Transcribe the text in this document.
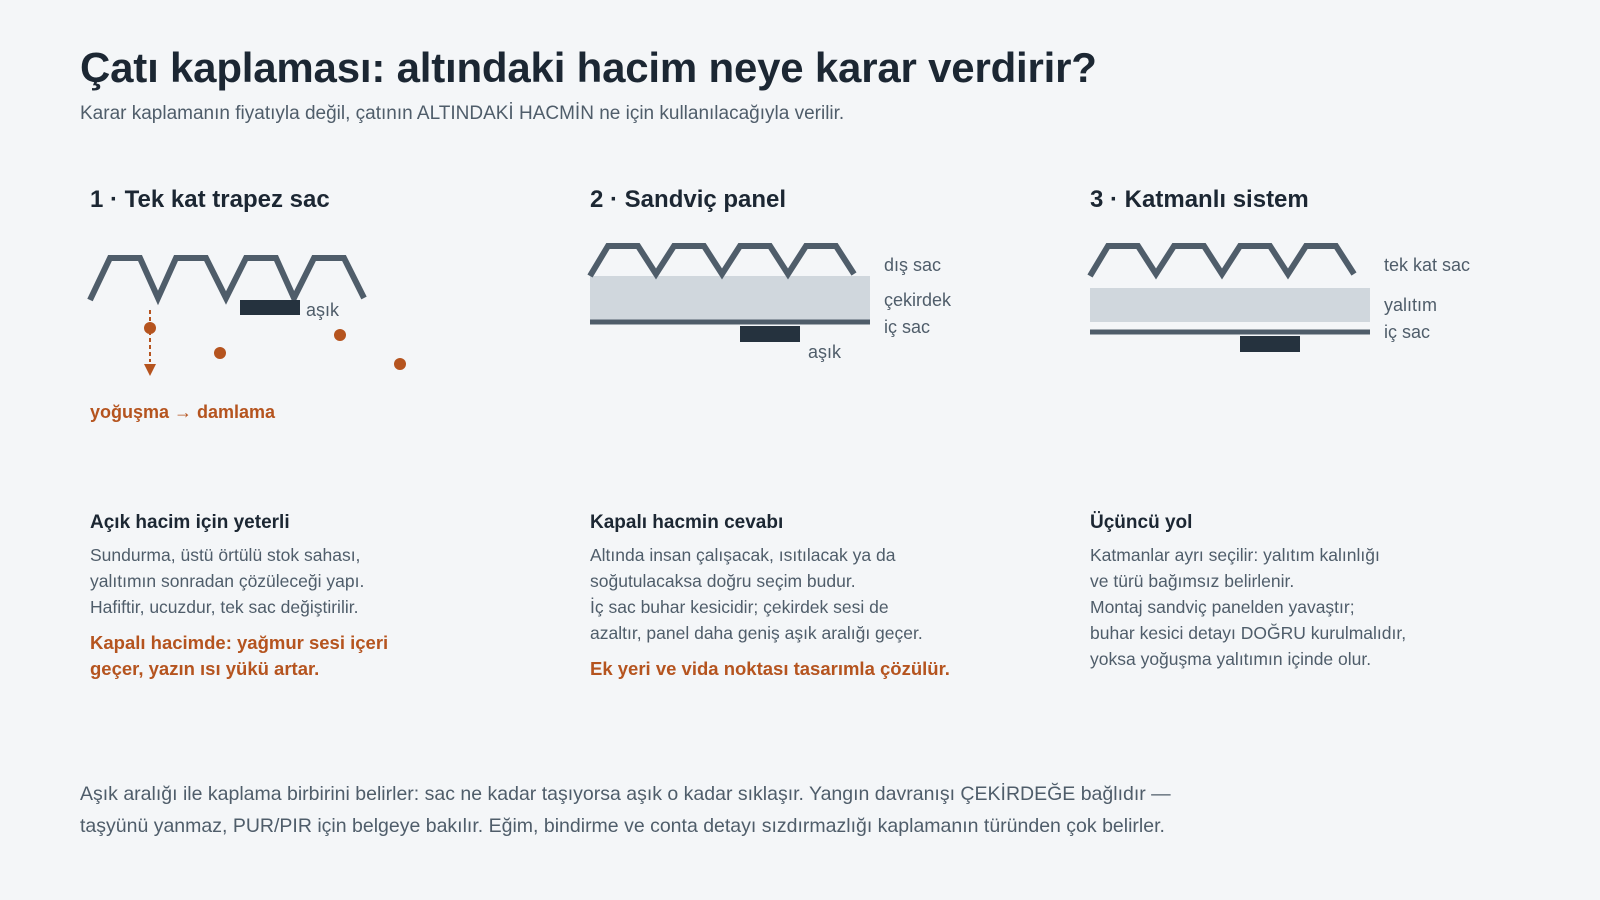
Çatı kaplaması: altındaki hacim neye karar verdirir?

Karar kaplamanın fiyatıyla değil, çatının ALTINDAKİ HACMİN ne için kullanılacağıyla verilir.

1 · Tek kat trapez sac	2 · Sandviç panel	3 · Katmanlı sistem
aşık
yoğuşma → damlama
dış sac
çekirdek
iç sac
aşık
tek kat sac
yalıtım
iç sac
Açık hacim için yeterli

Sundurma, üstü örtülü stok sahası,

yalıtımın sonradan çözüleceği yapı.

Hafiftir, ucuzdur, tek sac değiştirilir.

Kapalı hacimde: yağmur sesi içeri
geçer, yazın ısı yükü artar.

Kapalı hacmin cevabı

Altında insan çalışacak, ısıtılacak ya da

soğutulacaksa doğru seçim budur.

İç sac buhar kesicidir; çekirdek sesi de

azaltır, panel daha geniş aşık aralığı geçer.

Ek yeri ve vida noktası tasarımla çözülür.

Üçüncü yol

Katmanlar ayrı seçilir: yalıtım kalınlığı

ve türü bağımsız belirlenir.

Montaj sandviç panelden yavaştır;

buhar kesici detayı DOĞRU kurulmalıdır,

yoksa yoğuşma yalıtımın içinde olur.

Aşık aralığı ile kaplama birbirini belirler: sac ne kadar taşıyorsa aşık o kadar sıklaşır. Yangın davranışı ÇEKİRDEĞE bağlıdır —
taşyünü yanmaz, PUR/PIR için belgeye bakılır. Eğim, bindirme ve conta detayı sızdırmazlığı kaplamanın türünden çok belirler.
